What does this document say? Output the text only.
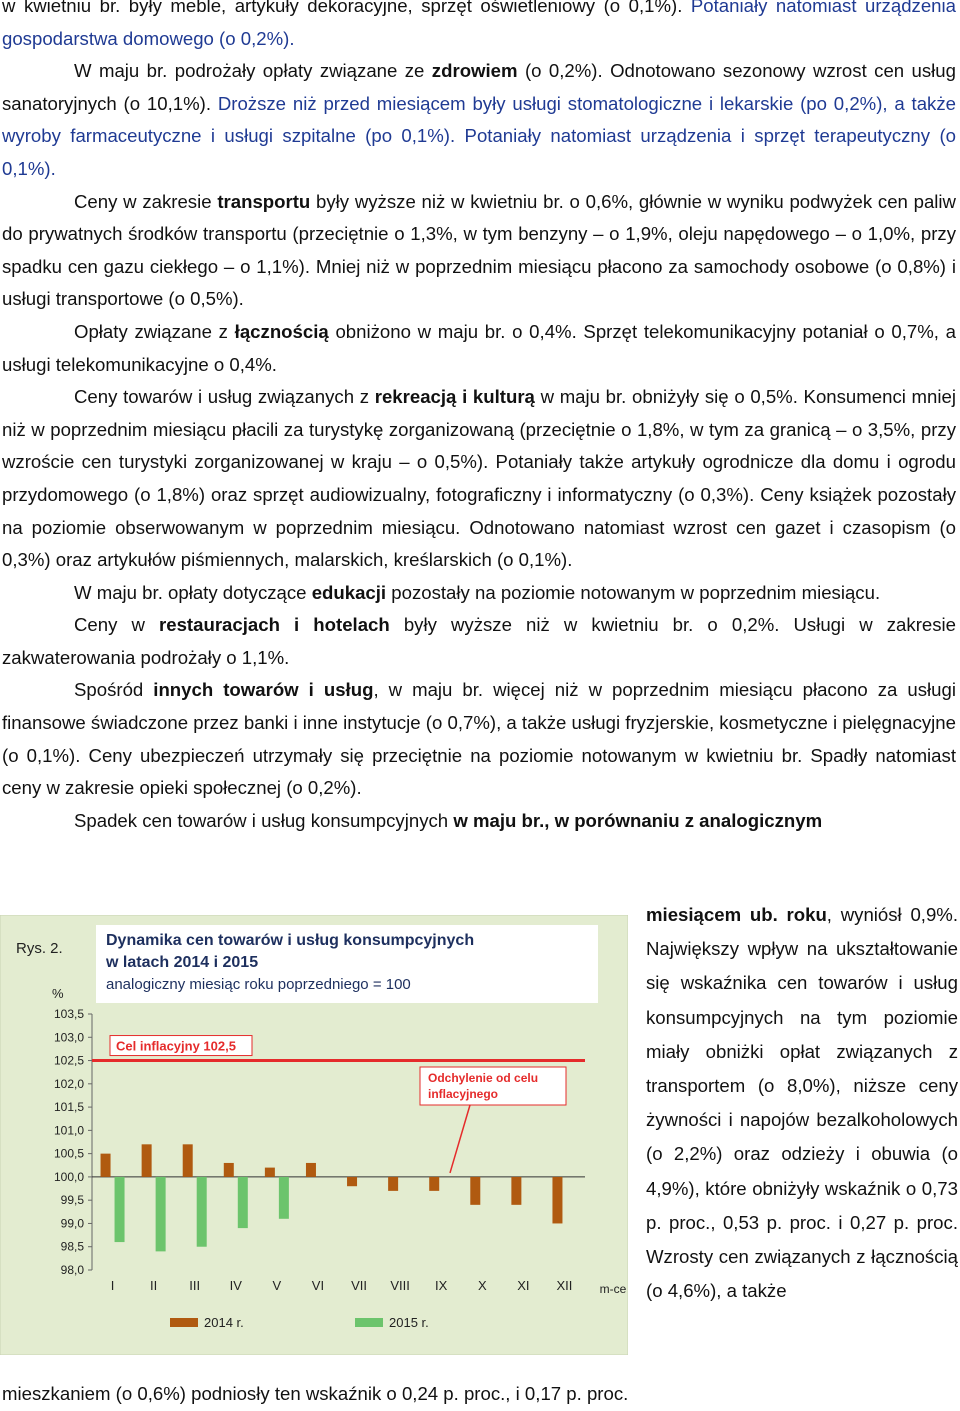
w kwietniu br. były meble, artykuły dekoracyjne, sprzęt oświetleniowy (o 0,1%). Potaniały natomiast urządzenia gospodarstwa domowego (o 0,2%).

W maju br. podrożały opłaty związane ze zdrowiem (o 0,2%). Odnotowano sezonowy wzrost cen usług sanatoryjnych (o 10,1%). Droższe niż przed miesiącem były usługi stomatologiczne i lekarskie (po 0,2%), a także wyroby farmaceutyczne i usługi szpitalne (po 0,1%). Potaniały natomiast urządzenia i sprzęt terapeutyczny (o 0,1%).

Ceny w zakresie transportu były wyższe niż w kwietniu br. o 0,6%, głównie w wyniku podwyżek cen paliw do prywatnych środków transportu (przeciętnie o 1,3%, w tym benzyny – o 1,9%, oleju napędowego – o 1,0%, przy spadku cen gazu ciekłego – o 1,1%). Mniej niż w poprzednim miesiącu płacono za samochody osobowe (o 0,8%) i usługi transportowe (o 0,5%).

Opłaty związane z łącznością obniżono w maju br. o 0,4%. Sprzęt telekomunikacyjny potaniał o 0,7%, a usługi telekomunikacyjne o 0,4%.

Ceny towarów i usług związanych z rekreacją i kulturą w maju br. obniżyły się o 0,5%. Konsumenci mniej niż w poprzednim miesiącu płacili za turystykę zorganizowaną (przeciętnie o 1,8%, w tym za granicą – o 3,5%, przy wzroście cen turystyki zorganizowanej w kraju – o 0,5%). Potaniały także artykuły ogrodnicze dla domu i ogrodu przydomowego (o 1,8%) oraz sprzęt audiowizualny, fotograficzny i informatyczny (o 0,3%). Ceny książek pozostały na poziomie obserwowanym w poprzednim miesiącu. Odnotowano natomiast wzrost cen gazet i czasopism (o 0,3%) oraz artykułów piśmiennych, malarskich, kreślarskich (o 0,1%).

W maju br. opłaty dotyczące edukacji pozostały na poziomie notowanym w poprzednim miesiącu.

Ceny w restauracjach i hotelach były wyższe niż w kwietniu br. o 0,2%. Usługi w zakresie zakwaterowania podrożały o 1,1%.

Spośród innych towarów i usług, w maju br. więcej niż w poprzednim miesiącu płacono za usługi finansowe świadczone przez banki i inne instytucje (o 0,7%), a także usługi fryzjerskie, kosmetyczne i pielęgnacyjne (o 0,1%). Ceny ubezpieczeń utrzymały się przeciętnie na poziomie notowanym w kwietniu br. Spadły natomiast ceny w zakresie opieki społecznej (o 0,2%).

Spadek cen towarów i usług konsumpcyjnych w maju br., w porównaniu z analogicznym

Rys. 2.	Dynamika cen towarów i usług konsumpcyjnych
w latach 2014 i 2015
analogiczny miesiąc roku poprzedniego = 100
%
103,5
103,0
102,5
102,0
101,5
101,0
100,5
100,0
99,5
99,0
98,5
98,0
Cel inflacyjny 102,5
Odchylenie od celu
inflacyjnego
I	II III IV V VI VII VIII IX X XI XII m-ce
2014 r.	2015 r.

miesiącem ub. roku, wyniósł 0,9%. Największy wpływ na ukształtowanie się wskaźnika cen towarów i usług konsumpcyjnych na tym poziomie miały obniżki opłat związanych z transportem (o 8,0%), niższe ceny żywności i napojów bezalkoholowych (o 2,2%) oraz odzieży i obuwia (o 4,9%), które obniżyły wskaźnik o 0,73 p. proc., 0,53 p. proc. i 0,27 p. proc. Wzrosty cen związanych z łącznością (o 4,6%), a także

mieszkaniem (o 0,6%) podniosły ten wskaźnik o 0,24 p. proc., i 0,17 p. proc.
